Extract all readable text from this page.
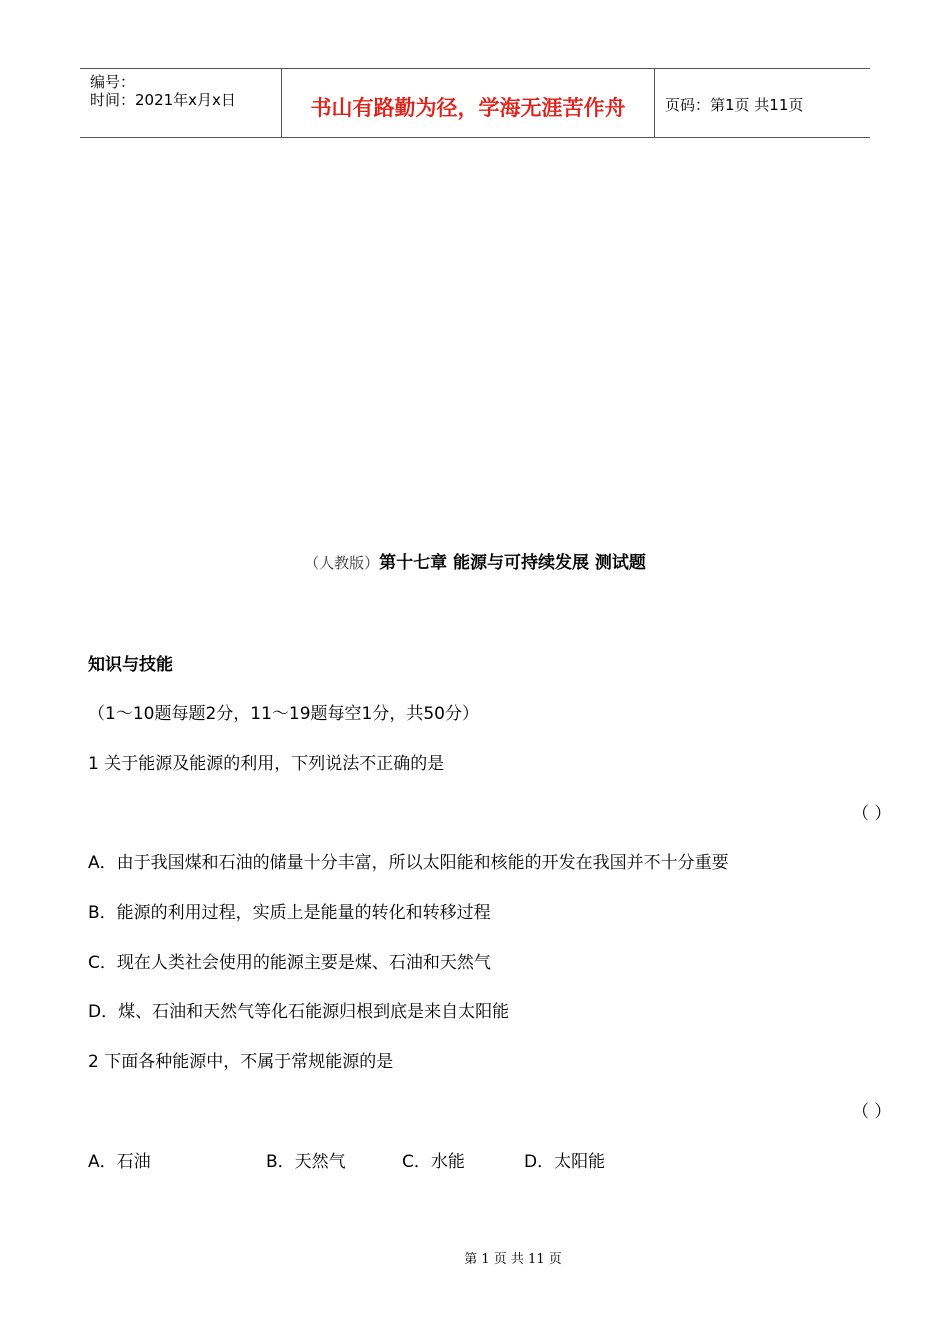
编号：
时间：2021年x月x日	书山有路勤为径，学海无涯苦作舟	页码：第1页 共11页
（人教版）第十七章 能源与可持续发展 测试题
知识与技能
（1～10题每题2分，11～19题每空1分，共50分）
1 关于能源及能源的利用，下列说法不正确的是
（ ）
A．由于我国煤和石油的储量十分丰富，所以太阳能和核能的开发在我国并不十分重要
B．能源的利用过程，实质上是能量的转化和转移过程
C．现在人类社会使用的能源主要是煤、石油和天然气
D．煤、石油和天然气等化石能源归根到底是来自太阳能
2 下面各种能源中，不属于常规能源的是
（ ）
A．石油	B．天然气	C．水能	D．太阳能
第 1 页 共 11 页
